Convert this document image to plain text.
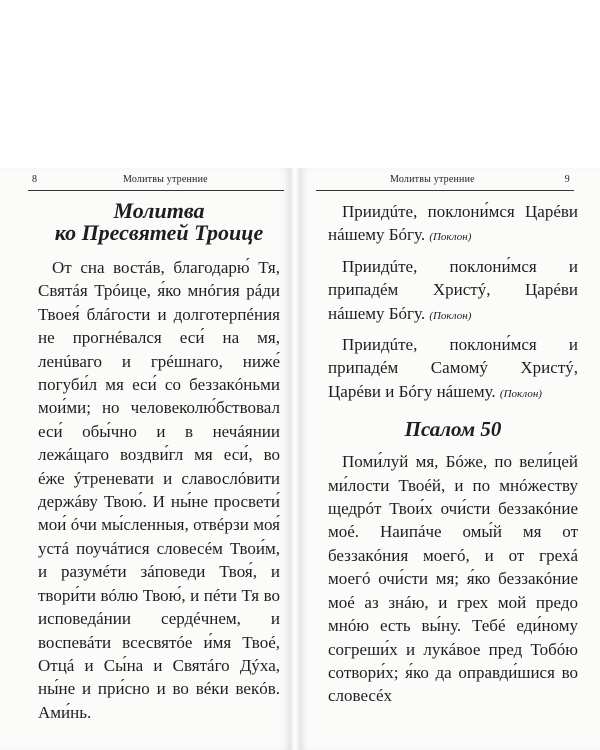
8	Молитвы утренние	Молитвы утренние	9
Молитва
ко Пресвятей Троице

От сна востáв, благодарю́ Тя, Святáя Трóице, я́ко мнóгия рáди Твоея́ блáгости и долготерпéния не прогнéвался еси́ на мя, ленúваго и грéшнаго, ниже́ погуби́л мя еси́ со беззакóньми мои́ми; но человеколю́бствовал еси́ обы́чно и в нечáянии лежáщаго воздви́гл мя еси́, во éже ýтреневати и славослóвити держáву Твою́. И ны́не просвети́ мои́ óчи мы́сленныя, отвéрзи моя́ устá поучáтися словесéм Твои́м, и разумéти зáповеди Твоя́, и твори́ти вóлю Твою́, и пéти Тя во исповедáнии сердéчнем, и воспевáти всесвятóе и́мя Твоé, Отцá и Сы́на и Святáго Дýха, ны́не и при́сно и во вéки векóв. Ами́нь.

Приидúте, поклони́мся Царéви нáшему Бóгу. (Поклон)

Приидúте, поклони́мся и припадéм Христý, Царéви нáшему Бóгу. (Поклон)

Приидúте, поклони́мся и припадéм Самомý Христý, Царéви и Бóгу нáшему. (Поклон)

Псалом 50

Поми́луй мя, Бóже, по вели́цей ми́лости Твоéй, и по мнóжеству щедрóт Твои́х очи́сти беззакóние моé. Наипáче омы́й мя от беззакóния моегó, и от грехá моегó очи́сти мя; я́ко беззакóние моé аз знáю, и грех мой предо мнóю есть вы́ну. Тебé еди́ному согреши́х и лукáвое пред Тобóю сотвори́х; я́ко да оправди́шися во словесéх
